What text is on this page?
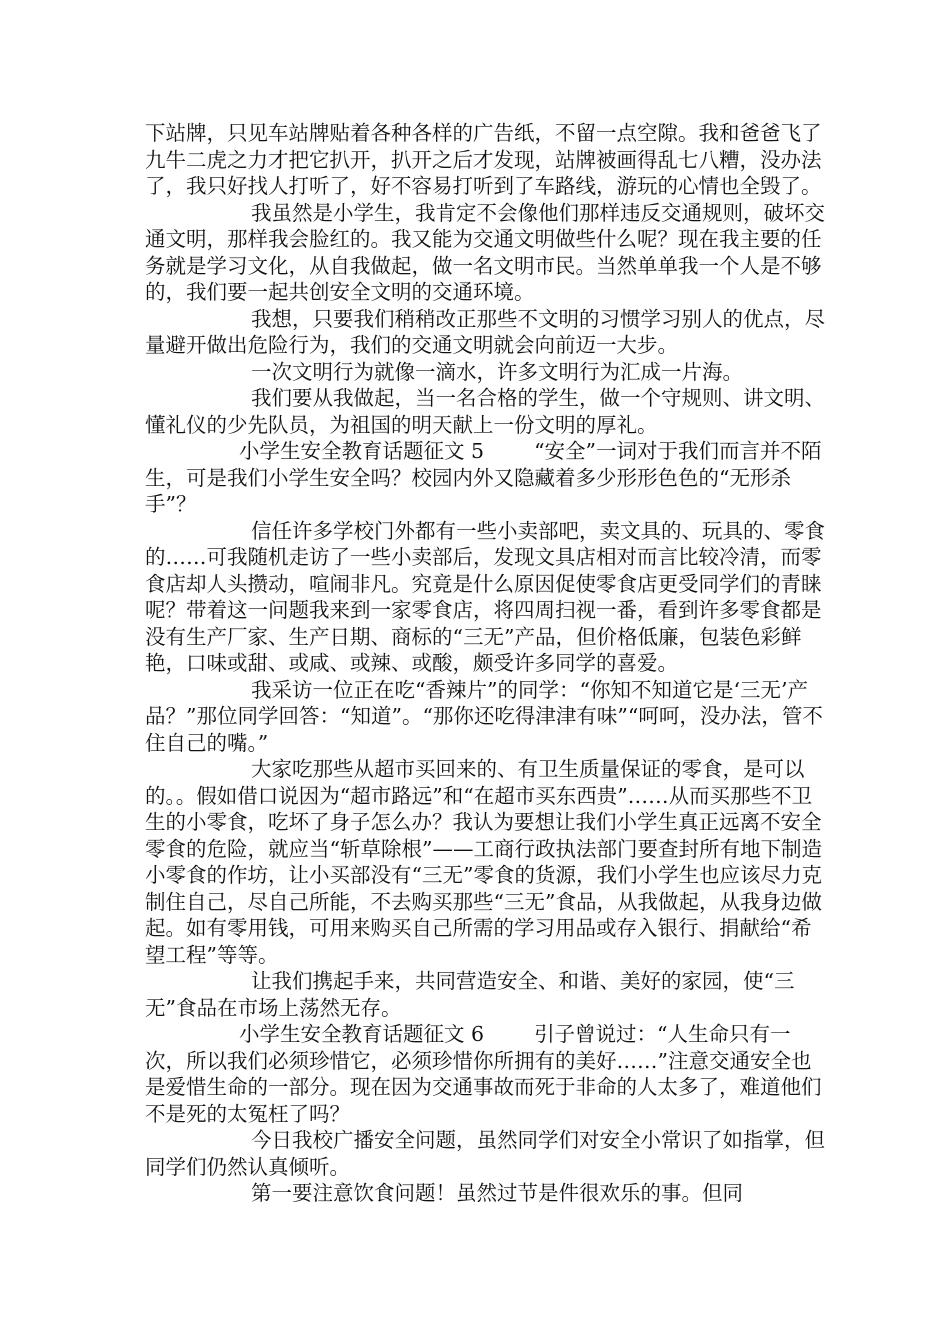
下站牌，只见车站牌贴着各种各样的广告纸，不留一点空隙。我和爸爸飞了九牛二虎之力才把它扒开，扒开之后才发现，站牌被画得乱七八糟，没办法了，我只好找人打听了，好不容易打听到了车路线，游玩的心情也全毁了。

我虽然是小学生，我肯定不会像他们那样违反交通规则，破坏交通文明，那样我会脸红的。我又能为交通文明做些什么呢？现在我主要的任务就是学习文化，从自我做起，做一名文明市民。当然单单我一个人是不够的，我们要一起共创安全文明的交通环境。

我想，只要我们稍稍改正那些不文明的习惯学习别人的优点，尽量避开做出危险行为，我们的交通文明就会向前迈一大步。

一次文明行为就像一滴水，许多文明行为汇成一片海。

我们要从我做起，当一名合格的学生，做一个守规则、讲文明、懂礼仪的少先队员，为祖国的明天献上一份文明的厚礼。

小学生安全教育话题征文 5 “安全”一词对于我们而言并不陌生，可是我们小学生安全吗？校园内外又隐藏着多少形形色色的“无形杀手”？

信任许多学校门外都有一些小卖部吧，卖文具的、玩具的、零食的……可我随机走访了一些小卖部后，发现文具店相对而言比较冷清，而零食店却人头攒动，喧闹非凡。究竟是什么原因促使零食店更受同学们的青睐呢？带着这一问题我来到一家零食店，将四周扫视一番，看到许多零食都是没有生产厂家、生产日期、商标的“三无”产品，但价格低廉，包装色彩鲜艳，口味或甜、或咸、或辣、或酸，颇受许多同学的喜爱。

我采访一位正在吃“香辣片”的同学：“你知不知道它是‘三无’产品？”那位同学回答：“知道”。“那你还吃得津津有味”“呵呵，没办法，管不住自己的嘴。”

大家吃那些从超市买回来的、有卫生质量保证的零食，是可以的。。假如借口说因为“超市路远”和“在超市买东西贵”……从而买那些不卫生的小零食，吃坏了身子怎么办？我认为要想让我们小学生真正远离不安全零食的危险，就应当“斩草除根”——工商行政执法部门要查封所有地下制造小零食的作坊，让小买部没有“三无”零食的货源，我们小学生也应该尽力克制住自己，尽自己所能，不去购买那些“三无”食品，从我做起，从我身边做起。如有零用钱，可用来购买自己所需的学习用品或存入银行、捐献给“希望工程”等等。

让我们携起手来，共同营造安全、和谐、美好的家园，使“三无”食品在市场上荡然无存。

小学生安全教育话题征文 6 引子曾说过：“人生命只有一次，所以我们必须珍惜它，必须珍惜你所拥有的美好……”注意交通安全也是爱惜生命的一部分。现在因为交通事故而死于非命的人太多了，难道他们不是死的太冤枉了吗？

今日我校广播安全问题，虽然同学们对安全小常识了如指掌，但同学们仍然认真倾听。

第一要注意饮食问题！虽然过节是件很欢乐的事。但同
